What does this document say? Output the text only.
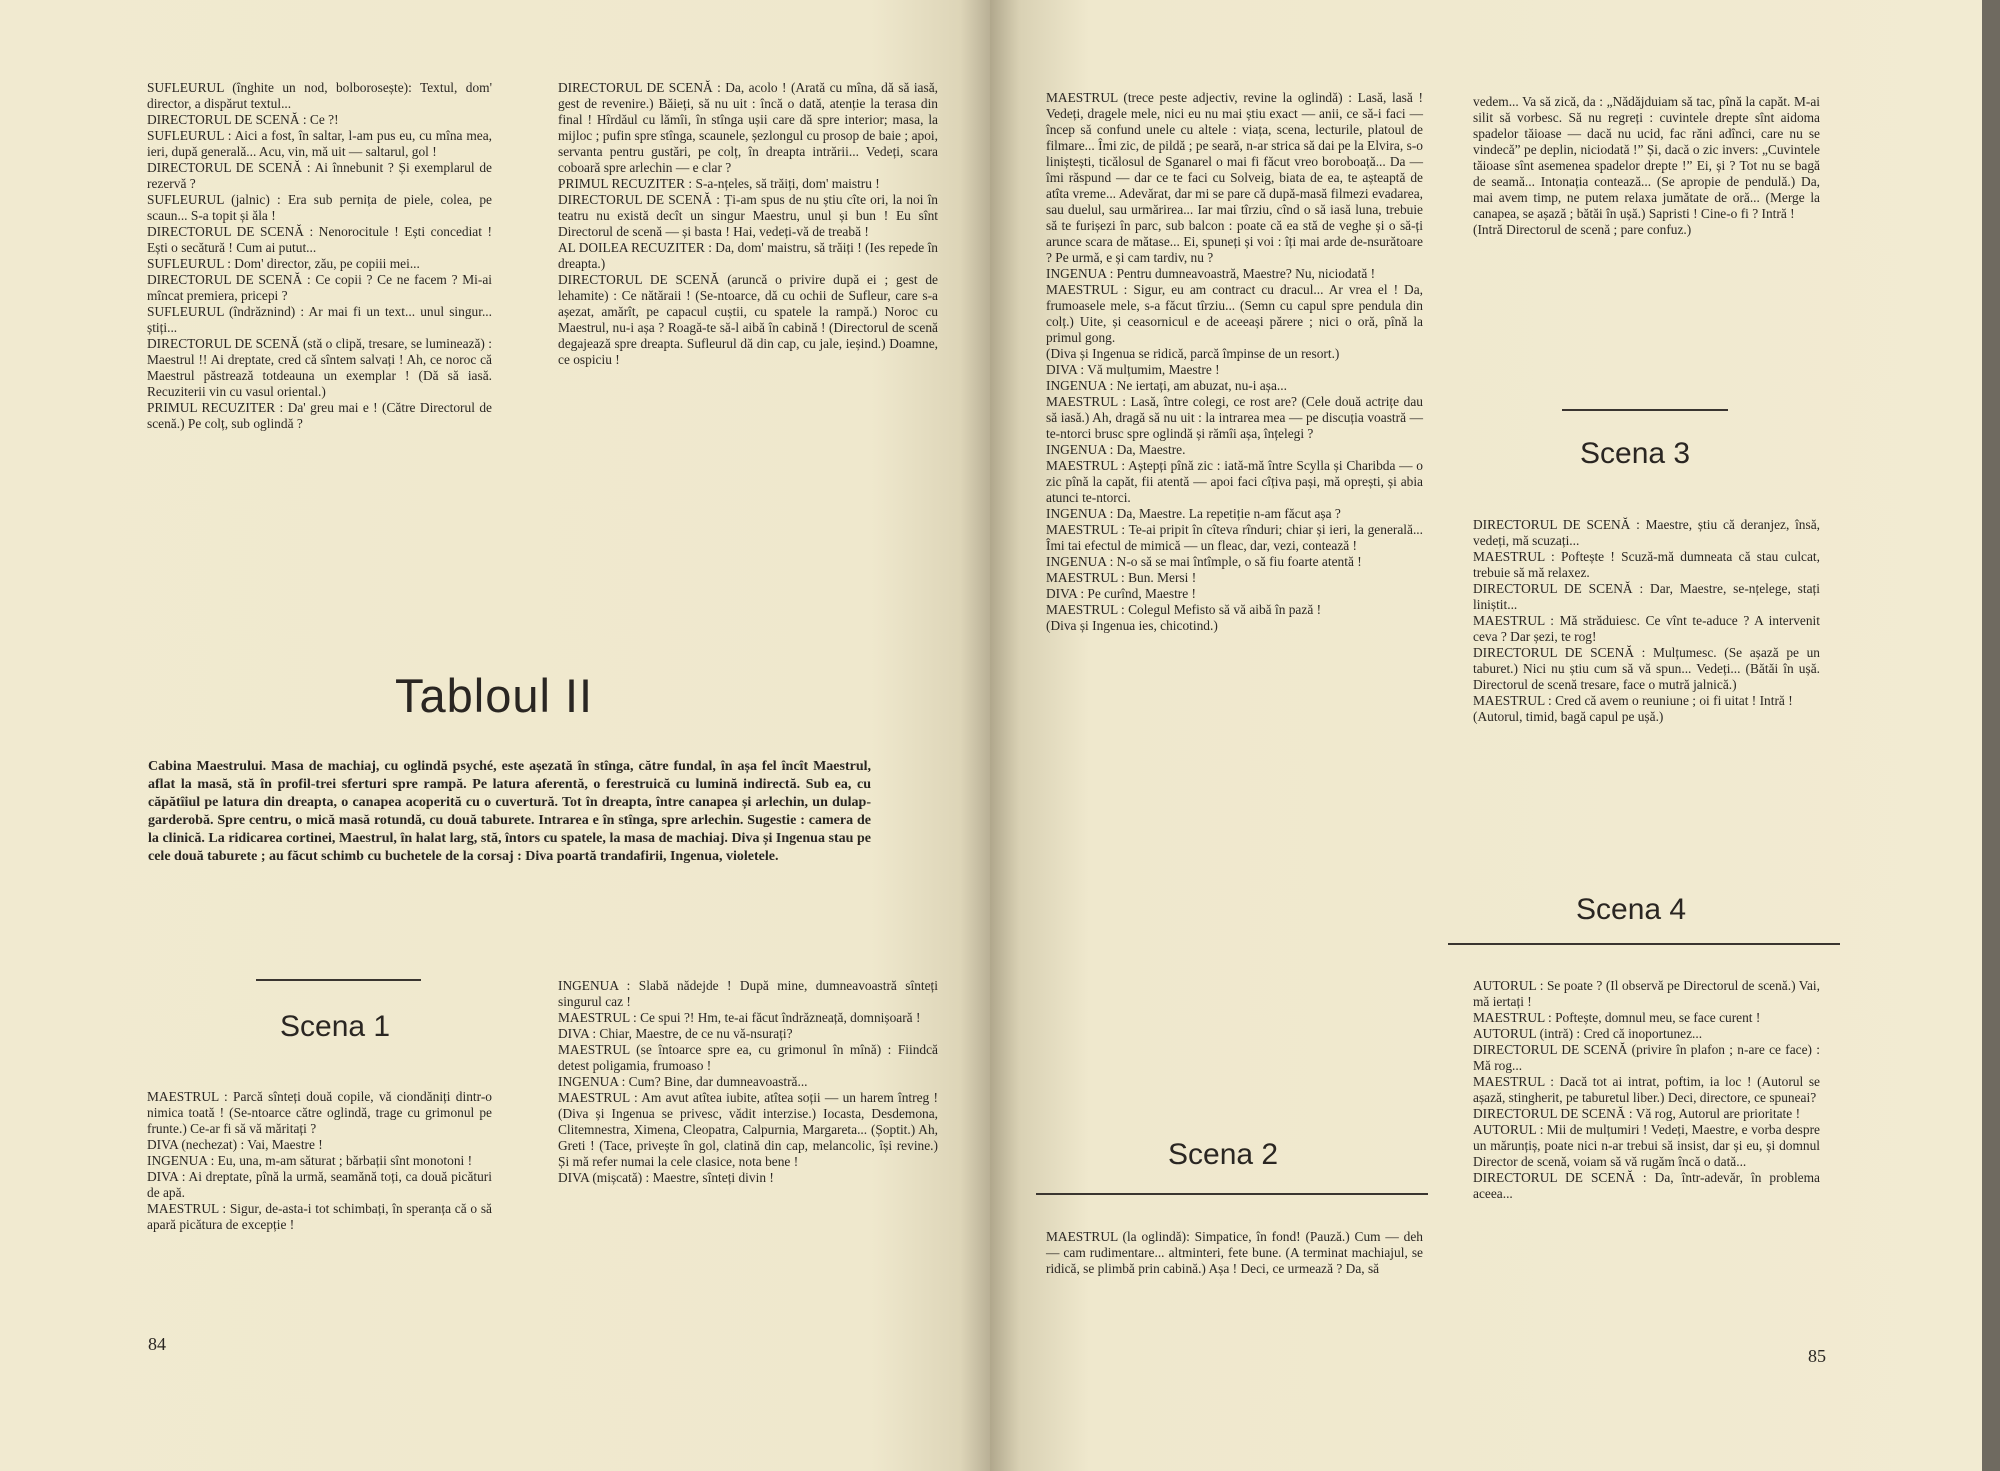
SUFLEURUL (înghite un nod, bolborosește): Textul, dom' director, a dispărut textul...

DIRECTORUL DE SCENĂ : Ce ?!

SUFLEURUL : Aici a fost, în saltar, l-am pus eu, cu mîna mea, ieri, după generală... Acu, vin, mă uit — saltarul, gol !

DIRECTORUL DE SCENĂ : Ai înnebunit ? Și exemplarul de rezervă ?

SUFLEURUL (jalnic) : Era sub pernița de piele, colea, pe scaun... S-a topit și ăla !

DIRECTORUL DE SCENĂ : Nenorocitule ! Ești concediat ! Ești o secătură ! Cum ai putut...

SUFLEURUL : Dom' director, zău, pe copiii mei...

DIRECTORUL DE SCENĂ : Ce copii ? Ce ne facem ? Mi-ai mîncat premiera, pricepi ?

SUFLEURUL (îndrăznind) : Ar mai fi un text... unul singur... știți...

DIRECTORUL DE SCENĂ (stă o clipă, tresare, se luminează) : Maestrul !! Ai dreptate, cred că sîntem salvați ! Ah, ce noroc că Maestrul păstrează totdeauna un exemplar ! (Dă să iasă. Recuziterii vin cu vasul oriental.)

PRIMUL RECUZITER : Da' greu mai e ! (Către Directorul de scenă.) Pe colț, sub oglindă ?

DIRECTORUL DE SCENĂ : Da, acolo ! (Arată cu mîna, dă să iasă, gest de revenire.) Băieți, să nu uit : încă o dată, atenție la terasa din final ! Hîrdăul cu lămîi, în stînga ușii care dă spre interior; masa, la mijloc ; pufin spre stînga, scaunele, șezlongul cu prosop de baie ; apoi, servanta pentru gustări, pe colț, în dreapta intrării... Vedeți, scara coboară spre arlechin — e clar ?

PRIMUL RECUZITER : S-a-nțeles, să trăiți, dom' maistru !

DIRECTORUL DE SCENĂ : Ți-am spus de nu știu cîte ori, la noi în teatru nu există decît un singur Maestru, unul și bun ! Eu sînt Directorul de scenă — și basta ! Hai, vedeți-vă de treabă !

AL DOILEA RECUZITER : Da, dom' maistru, să trăiți ! (Ies repede în dreapta.)

DIRECTORUL DE SCENĂ (aruncă o privire după ei ; gest de lehamite) : Ce nătăraii ! (Se-ntoarce, dă cu ochii de Sufleur, care s-a așezat, amărît, pe capacul cuștii, cu spatele la rampă.) Noroc cu Maestrul, nu-i așa ? Roagă-te să-l aibă în cabină ! (Directorul de scenă degajează spre dreapta. Sufleurul dă din cap, cu jale, ieșind.) Doamne, ce ospiciu !

Tabloul II

Cabina Maestrului. Masa de machiaj, cu oglindă psyché, este așezată în stînga, către fundal, în așa fel încît Maestrul, aflat la masă, stă în profil-trei sferturi spre rampă. Pe latura aferentă, o ferestruică cu lumină indirectă. Sub ea, cu căpătîiul pe latura din dreapta, o canapea acoperită cu o cuvertură. Tot în dreapta, între canapea și arlechin, un dulap-garderobă. Spre centru, o mică masă rotundă, cu două taburete. Intrarea e în stînga, spre arlechin. Sugestie : camera de la clinică. La ridicarea cortinei, Maestrul, în halat larg, stă, întors cu spatele, la masa de machiaj. Diva și Ingenua stau pe cele două taburete ; au făcut schimb cu buchetele de la corsaj : Diva poartă trandafirii, Ingenua, violetele.

Scena 1

MAESTRUL : Parcă sînteți două copile, vă ciondăniți dintr-o nimica toată ! (Se-ntoarce către oglindă, trage cu grimonul pe frunte.) Ce-ar fi să vă măritați ?

DIVA (nechezat) : Vai, Maestre !

INGENUA : Eu, una, m-am săturat ; bărbații sînt monotoni !

DIVA : Ai dreptate, pînă la urmă, seamănă toți, ca două picături de apă.

MAESTRUL : Sigur, de-asta-i tot schimbați, în speranța că o să apară picătura de excepție !

INGENUA : Slabă nădejde ! După mine, dumneavoastră sînteți singurul caz !

MAESTRUL : Ce spui ?! Hm, te-ai făcut îndrăzneață, domnișoară !

DIVA : Chiar, Maestre, de ce nu vă-nsurați?

MAESTRUL (se întoarce spre ea, cu grimonul în mînă) : Fiindcă detest poligamia, frumoaso !

INGENUA : Cum? Bine, dar dumneavoastră...

MAESTRUL : Am avut atîtea iubite, atîtea soții — un harem întreg ! (Diva și Ingenua se privesc, vădit interzise.) Iocasta, Desdemona, Clitemnestra, Ximena, Cleopatra, Calpurnia, Margareta... (Șoptit.) Ah, Greti ! (Tace, privește în gol, clatină din cap, melancolic, își revine.) Și mă refer numai la cele clasice, nota bene !

DIVA (mișcată) : Maestre, sînteți divin !

84

MAESTRUL (trece peste adjectiv, revine la oglindă) : Lasă, lasă ! Vedeți, dragele mele, nici eu nu mai știu exact — anii, ce să-i faci — încep să confund unele cu altele : viața, scena, lecturile, platoul de filmare... Îmi zic, de pildă ; pe seară, n-ar strica să dai pe la Elvira, s-o liniștești, ticălosul de Sganarel o mai fi făcut vreo boroboață... Da — îmi răspund — dar ce te faci cu Solveig, biata de ea, te așteaptă de atîta vreme... Adevărat, dar mi se pare că după-masă filmezi evadarea, sau duelul, sau urmărirea... Iar mai tîrziu, cînd o să iasă luna, trebuie să te furișezi în parc, sub balcon : poate că ea stă de veghe și o să-ți arunce scara de mătase... Ei, spuneți și voi : îți mai arde de-nsurătoare ? Pe urmă, e și cam tardiv, nu ?

INGENUA : Pentru dumneavoastră, Maestre? Nu, niciodată !

MAESTRUL : Sigur, eu am contract cu dracul... Ar vrea el ! Da, frumoasele mele, s-a făcut tîrziu... (Semn cu capul spre pendula din colț.) Uite, și ceasornicul e de aceeași părere ; nici o oră, pînă la primul gong.

(Diva și Ingenua se ridică, parcă împinse de un resort.)

DIVA : Vă mulțumim, Maestre !

INGENUA : Ne iertați, am abuzat, nu-i așa...

MAESTRUL : Lasă, între colegi, ce rost are? (Cele două actrițe dau să iasă.) Ah, dragă să nu uit : la intrarea mea — pe discuția voastră — te-ntorci brusc spre oglindă și rămîi așa, înțelegi ?

INGENUA : Da, Maestre.

MAESTRUL : Aștepți pînă zic : iată-mă între Scylla și Charibda — o zic pînă la capăt, fii atentă — apoi faci cîțiva pași, mă oprești, și abia atunci te-ntorci.

INGENUA : Da, Maestre. La repetiție n-am făcut așa ?

MAESTRUL : Te-ai pripit în cîteva rînduri; chiar și ieri, la generală... Îmi tai efectul de mimică — un fleac, dar, vezi, contează !

INGENUA : N-o să se mai întîmple, o să fiu foarte atentă !

MAESTRUL : Bun. Mersi !

DIVA : Pe curînd, Maestre !

MAESTRUL : Colegul Mefisto să vă aibă în pază !

(Diva și Ingenua ies, chicotind.)

Scena 2

MAESTRUL (la oglindă): Simpatice, în fond! (Pauză.) Cum — deh — cam rudimentare... altminteri, fete bune. (A terminat machiajul, se ridică, se plimbă prin cabină.) Așa ! Deci, ce urmează ? Da, să

vedem... Va să zică, da : „Nădăjduiam să tac, pînă la capăt. M-ai silit să vorbesc. Să nu regreți : cuvintele drepte sînt aidoma spadelor tăioase — dacă nu ucid, fac răni adînci, care nu se vindecă” pe deplin, niciodată !” Și, dacă o zic invers: „Cuvintele tăioase sînt asemenea spadelor drepte !” Ei, și ? Tot nu se bagă de seamă... Intonația contează... (Se apropie de pendulă.) Da, mai avem timp, ne putem relaxa jumătate de oră... (Merge la canapea, se așază ; bătăi în ușă.) Sapristi ! Cine-o fi ? Intră !

(Intră Directorul de scenă ; pare confuz.)

Scena 3

DIRECTORUL DE SCENĂ : Maestre, știu că deranjez, însă, vedeți, mă scuzați...

MAESTRUL : Poftește ! Scuză-mă dumneata că stau culcat, trebuie să mă relaxez.

DIRECTORUL DE SCENĂ : Dar, Maestre, se-nțelege, stați liniștit...

MAESTRUL : Mă străduiesc. Ce vînt te-aduce ? A intervenit ceva ? Dar șezi, te rog!

DIRECTORUL DE SCENĂ : Mulțumesc. (Se așază pe un taburet.) Nici nu știu cum să vă spun... Vedeți... (Bătăi în ușă. Directorul de scenă tresare, face o mutră jalnică.)

MAESTRUL : Cred că avem o reuniune ; oi fi uitat ! Intră !

(Autorul, timid, bagă capul pe ușă.)

Scena 4

AUTORUL : Se poate ? (Il observă pe Directorul de scenă.) Vai, mă iertați !

MAESTRUL : Poftește, domnul meu, se face curent !

AUTORUL (intră) : Cred că inoportunez...

DIRECTORUL DE SCENĂ (privire în plafon ; n-are ce face) : Mă rog...

MAESTRUL : Dacă tot ai intrat, poftim, ia loc ! (Autorul se așază, stingherit, pe taburetul liber.) Deci, directore, ce spuneai?

DIRECTORUL DE SCENĂ : Vă rog, Autorul are prioritate !

AUTORUL : Mii de mulțumiri ! Vedeți, Maestre, e vorba despre un mărunțiș, poate nici n-ar trebui să insist, dar și eu, și domnul Director de scenă, voiam să vă rugăm încă o dată...

DIRECTORUL DE SCENĂ : Da, într-adevăr, în problema aceea...

85
